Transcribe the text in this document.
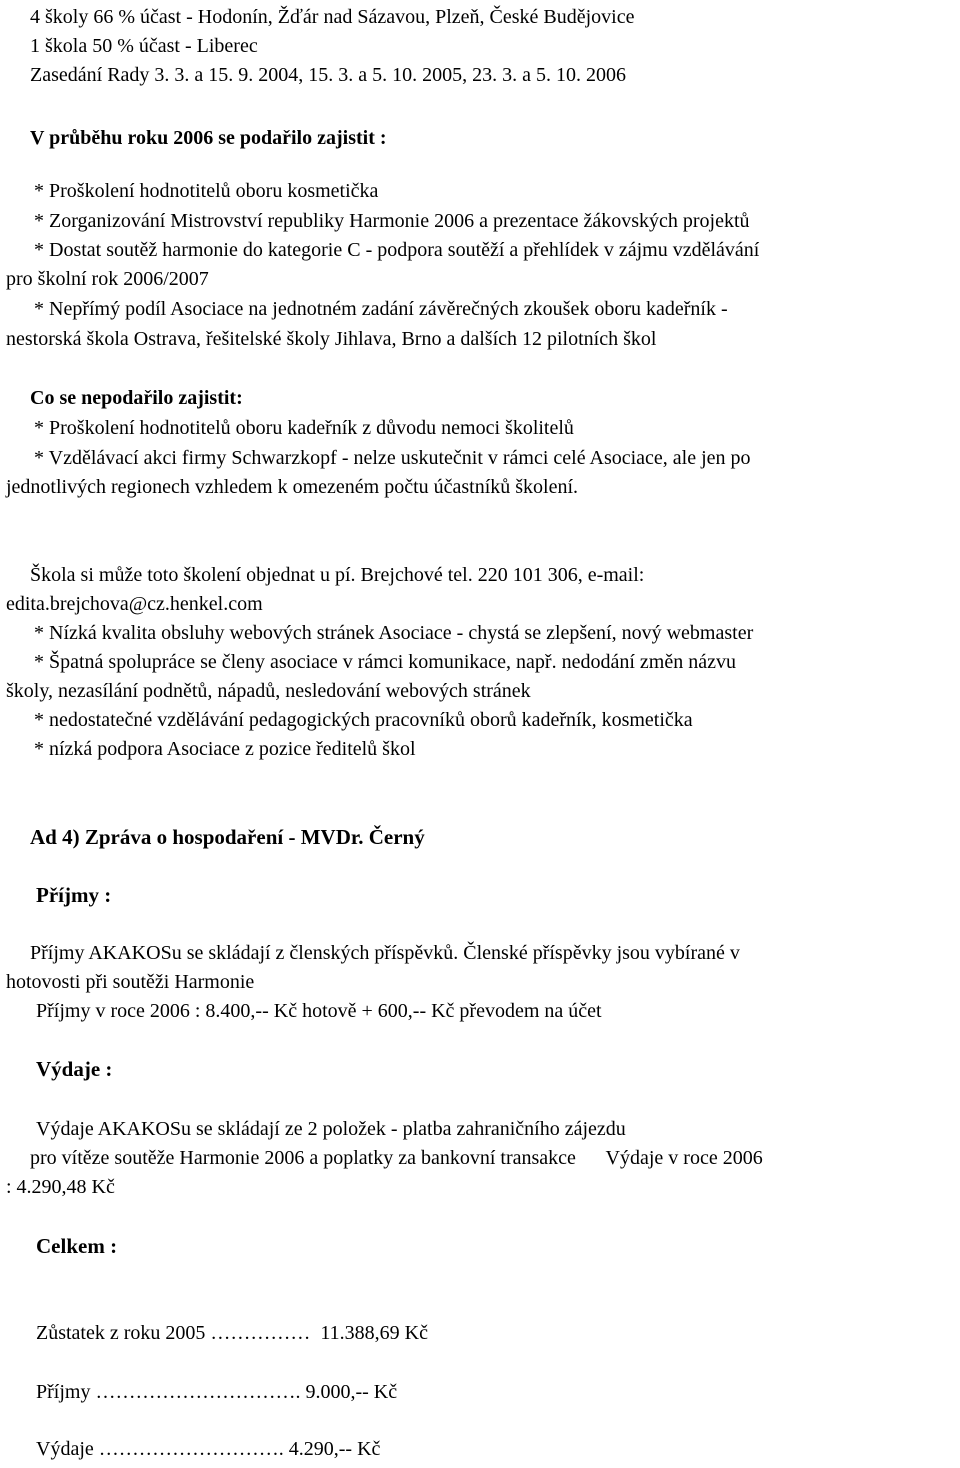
4 školy 66 % účast - Hodonín, Žďár nad Sázavou, Plzeň, České Budějovice

1 škola 50 % účast - Liberec

Zasedání Rady 3. 3. a 15. 9. 2004, 15. 3. a 5. 10. 2005, 23. 3. a 5. 10. 2006

V průběhu roku 2006 se podařilo zajistit :

* Proškolení hodnotitelů oboru kosmetička

* Zorganizování Mistrovství republiky Harmonie 2006 a prezentace žákovských projektů

* Dostat soutěž harmonie do kategorie C - podpora soutěží a přehlídek v zájmu vzdělávání

pro školní rok 2006/2007

* Nepřímý podíl Asociace na jednotném zadání závěrečných zkoušek oboru kadeřník -

nestorská škola Ostrava, řešitelské školy Jihlava, Brno a dalších 12 pilotních škol

Co se nepodařilo zajistit:

* Proškolení hodnotitelů oboru kadeřník z důvodu nemoci školitelů

* Vzdělávací akci firmy Schwarzkopf - nelze uskutečnit v rámci celé Asociace, ale jen po

jednotlivých regionech vzhledem k omezeném počtu účastníků školení.

Škola si může toto školení objednat u pí. Brejchové tel. 220 101 306, e-mail:

edita.brejchova@cz.henkel.com

* Nízká kvalita obsluhy webových stránek Asociace - chystá se zlepšení, nový webmaster

* Špatná spolupráce se členy asociace v rámci komunikace, např. nedodání změn názvu

školy, nezasílání podnětů, nápadů, nesledování webových stránek

* nedostatečné vzdělávání pedagogických pracovníků oborů kadeřník, kosmetička

* nízká podpora Asociace z pozice ředitelů škol

Ad 4) Zpráva o hospodaření - MVDr. Černý

Příjmy :

Příjmy AKAKOSu se skládají z členských příspěvků. Členské příspěvky jsou vybírané v

hotovosti při soutěži Harmonie

Příjmy v roce 2006 : 8.400,-- Kč hotově + 600,-- Kč převodem na účet

Výdaje :

Výdaje AKAKOSu se skládají ze 2 položek - platba zahraničního zájezdu

pro vítěze soutěže Harmonie 2006 a poplatky za bankovní transakce      Výdaje v roce 2006

: 4.290,48 Kč

Celkem :

Zůstatek z roku 2005 ……………  11.388,69 Kč

Příjmy …………………………. 9.000,-- Kč

Výdaje ………………………. 4.290,-- Kč
